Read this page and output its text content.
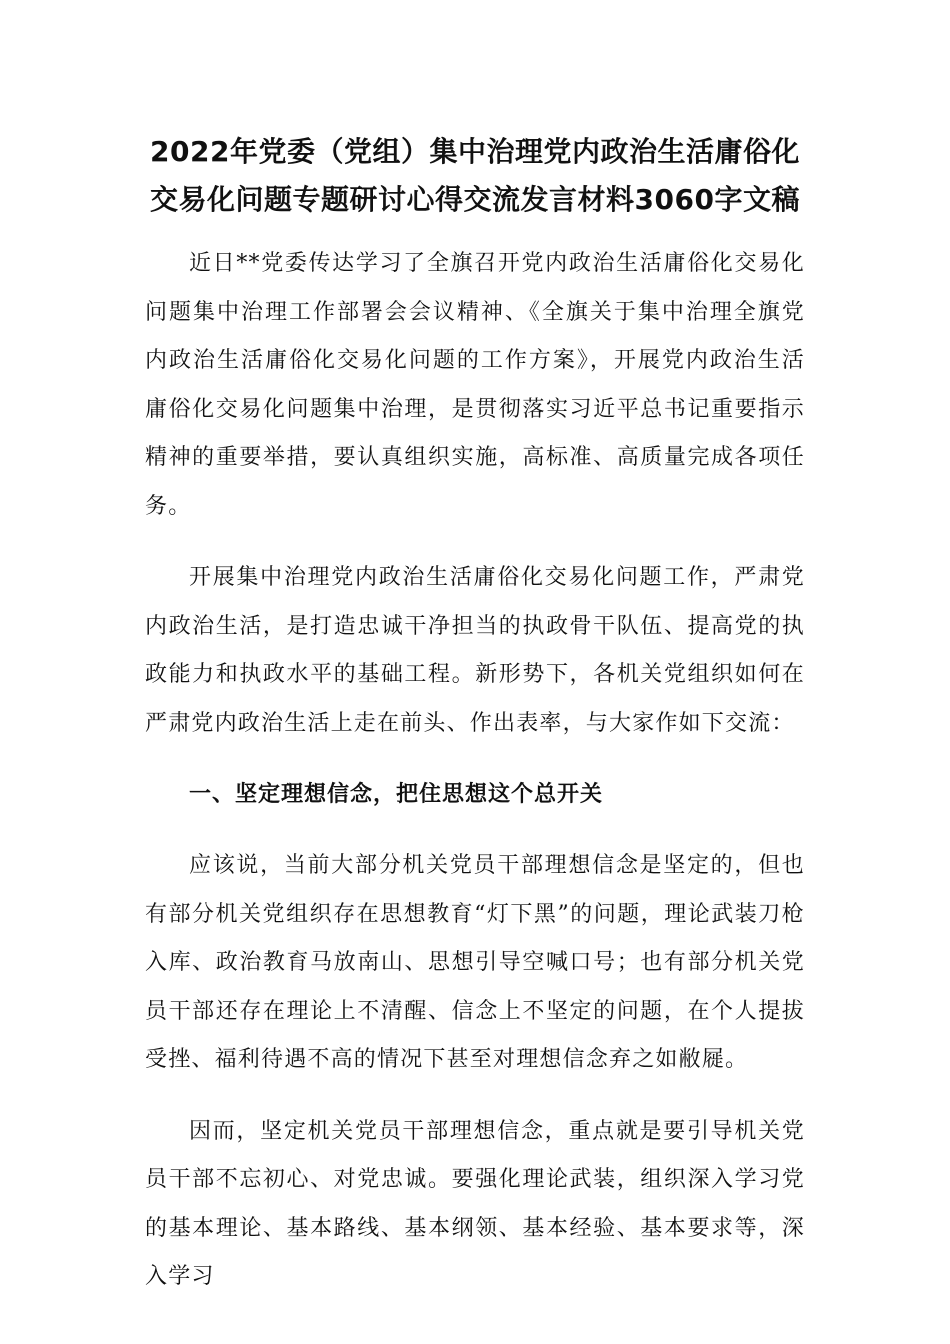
2022年党委（党组）集中治理党内政治生活庸俗化
交易化问题专题研讨心得交流发言材料3060字文稿

近日**党委传达学习了全旗召开党内政治生活庸俗化交易化问题集中治理工作部署会会议精神、《全旗关于集中治理全旗党内政治生活庸俗化交易化问题的工作方案》，开展党内政治生活庸俗化交易化问题集中治理，是贯彻落实习近平总书记重要指示精神的重要举措，要认真组织实施，高标准、高质量完成各项任务。

开展集中治理党内政治生活庸俗化交易化问题工作，严肃党内政治生活，是打造忠诚干净担当的执政骨干队伍、提高党的执政能力和执政水平的基础工程。新形势下，各机关党组织如何在严肃党内政治生活上走在前头、作出表率，与大家作如下交流：

一、坚定理想信念，把住思想这个总开关

应该说，当前大部分机关党员干部理想信念是坚定的，但也有部分机关党组织存在思想教育“灯下黑”的问题，理论武装刀枪入库、政治教育马放南山、思想引导空喊口号；也有部分机关党员干部还存在理论上不清醒、信念上不坚定的问题，在个人提拔受挫、福利待遇不高的情况下甚至对理想信念弃之如敝屣。

因而，坚定机关党员干部理想信念，重点就是要引导机关党员干部不忘初心、对党忠诚。要强化理论武装，组织深入学习党的基本理论、基本路线、基本纲领、基本经验、基本要求等，深入学习
